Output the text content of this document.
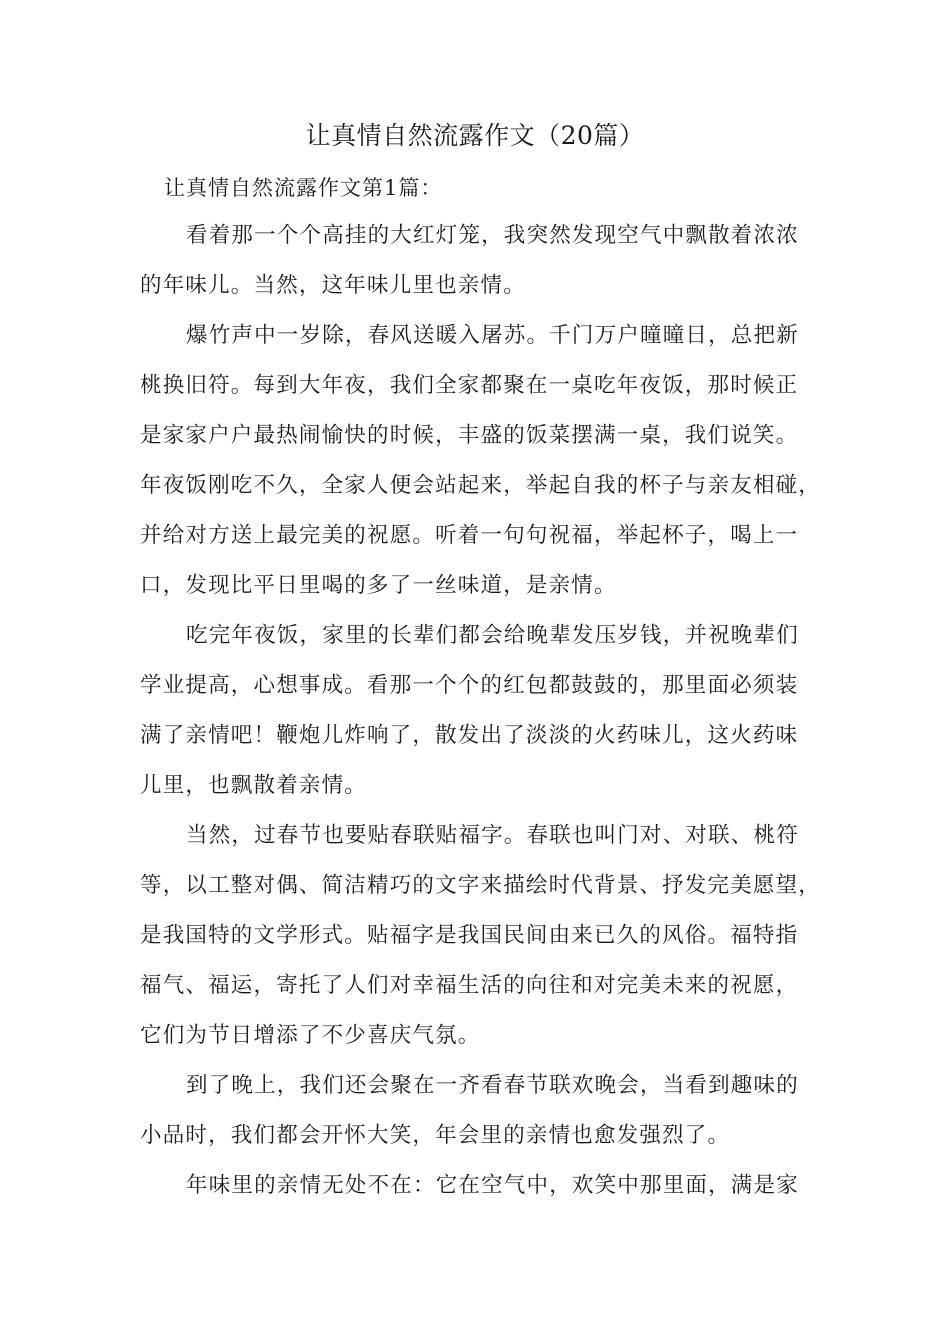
让真情自然流露作文（20篇）
让真情自然流露作文第1篇：
看着那一个个高挂的大红灯笼，我突然发现空气中飘散着浓浓
的年味儿。当然，这年味儿里也亲情。
爆竹声中一岁除，春风送暖入屠苏。千门万户曈曈日，总把新
桃换旧符。每到大年夜，我们全家都聚在一桌吃年夜饭，那时候正
是家家户户最热闹愉快的时候，丰盛的饭菜摆满一桌，我们说笑。
年夜饭刚吃不久，全家人便会站起来，举起自我的杯子与亲友相碰，
并给对方送上最完美的祝愿。听着一句句祝福，举起杯子，喝上一
口，发现比平日里喝的多了一丝味道，是亲情。
吃完年夜饭，家里的长辈们都会给晚辈发压岁钱，并祝晚辈们
学业提高，心想事成。看那一个个的红包都鼓鼓的，那里面必须装
满了亲情吧！鞭炮儿炸响了，散发出了淡淡的火药味儿，这火药味
儿里，也飘散着亲情。
当然，过春节也要贴春联贴福字。春联也叫门对、对联、桃符
等，以工整对偶、简洁精巧的文字来描绘时代背景、抒发完美愿望，
是我国特的文学形式。贴福字是我国民间由来已久的风俗。福特指
福气、福运，寄托了人们对幸福生活的向往和对完美未来的祝愿，
它们为节日增添了不少喜庆气氛。
到了晚上，我们还会聚在一齐看春节联欢晚会，当看到趣味的
小品时，我们都会开怀大笑，年会里的亲情也愈发强烈了。
年味里的亲情无处不在：它在空气中，欢笑中那里面，满是家
